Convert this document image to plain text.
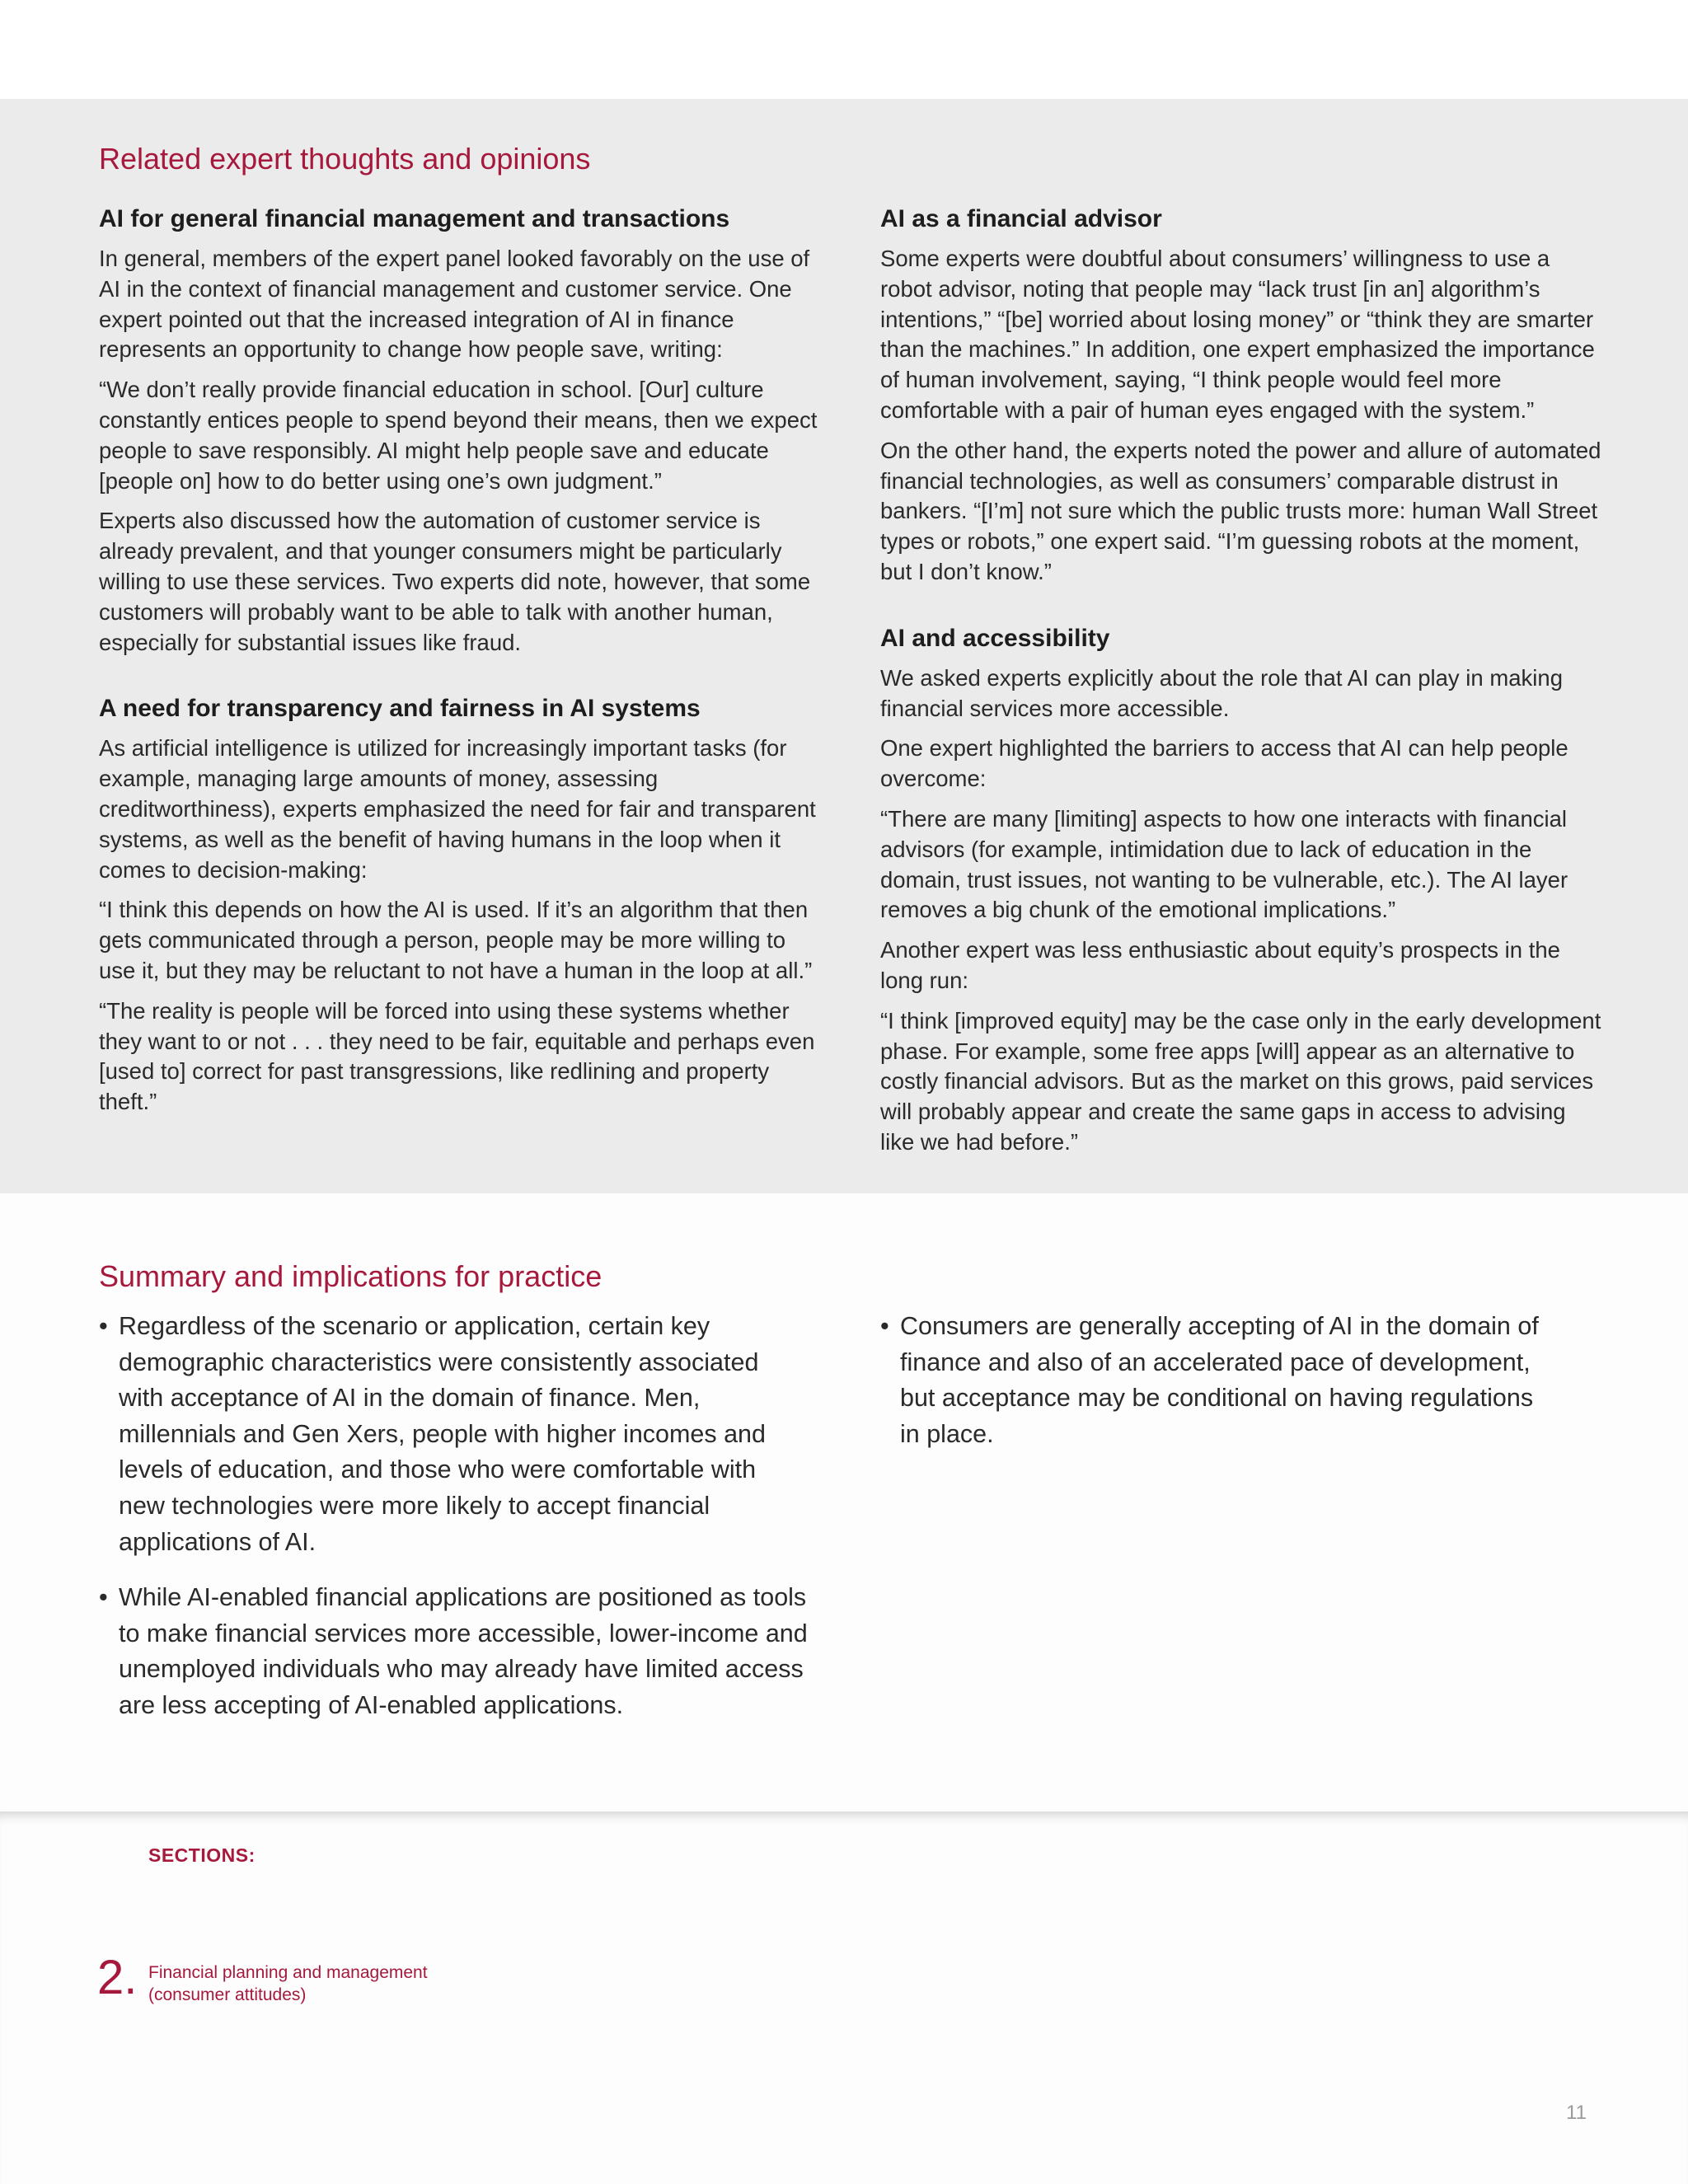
Related expert thoughts and opinions
AI for general financial management and transactions

In general, members of the expert panel looked favorably on the use of AI in the context of financial management and customer service. One expert pointed out that the increased integration of AI in finance represents an opportunity to change how people save, writing:

“We don’t really provide financial education in school. [Our] culture constantly entices people to spend beyond their means, then we expect people to save responsibly. AI might help people save and educate [people on] how to do better using one’s own judgment.”

Experts also discussed how the automation of customer service is already prevalent, and that younger consumers might be particularly willing to use these services. Two experts did note, however, that some customers will probably want to be able to talk with another human, especially for substantial issues like fraud.

A need for transparency and fairness in AI systems

As artificial intelligence is utilized for increasingly important tasks (for example, managing large amounts of money, assessing creditworthiness), experts emphasized the need for fair and transparent systems, as well as the benefit of having humans in the loop when it comes to decision-making:

“I think this depends on how the AI is used. If it’s an algorithm that then gets communicated through a person, people may be more willing to use it, but they may be reluctant to not have a human in the loop at all.”

“The reality is people will be forced into using these systems whether they want to or not . . . they need to be fair, equitable and perhaps even [used to] correct for past transgressions, like redlining and property theft.”

AI as a financial advisor

Some experts were doubtful about consumers’ willingness to use a robot advisor, noting that people may “lack trust [in an] algorithm’s intentions,” “[be] worried about losing money” or “think they are smarter than the machines.” In addition, one expert emphasized the importance of human involvement, saying, “I think people would feel more comfortable with a pair of human eyes engaged with the system.”

On the other hand, the experts noted the power and allure of automated financial technologies, as well as consumers’ comparable distrust in bankers. “[I’m] not sure which the public trusts more: human Wall Street types or robots,” one expert said. “I’m guessing robots at the moment, but I don’t know.”

AI and accessibility

We asked experts explicitly about the role that AI can play in making financial services more accessible.

One expert highlighted the barriers to access that AI can help people overcome:

“There are many [limiting] aspects to how one interacts with financial advisors (for example, intimidation due to lack of education in the domain, trust issues, not wanting to be vulnerable, etc.). The AI layer removes a big chunk of the emotional implications.”

Another expert was less enthusiastic about equity’s prospects in the long run:

“I think [improved equity] may be the case only in the early development phase. For example, some free apps [will] appear as an alternative to costly financial advisors. But as the market on this grows, paid services will probably appear and create the same gaps in access to advising like we had before.”

Summary and implications for practice
• Regardless of the scenario or application, certain key demographic characteristics were consistently associated with acceptance of AI in the domain of finance. Men, millennials and Gen Xers, people with higher incomes and levels of education, and those who were comfortable with new technologies were more likely to accept financial applications of AI.
• While AI-enabled financial applications are positioned as tools to make financial services more accessible, lower-income and unemployed individuals who may already have limited access are less accepting of AI-enabled applications.
• Consumers are generally accepting of AI in the domain of finance and also of an accelerated pace of development, but acceptance may be conditional on having regulations in place.
SECTIONS:
2. Financial planning and management
(consumer attitudes)
11
